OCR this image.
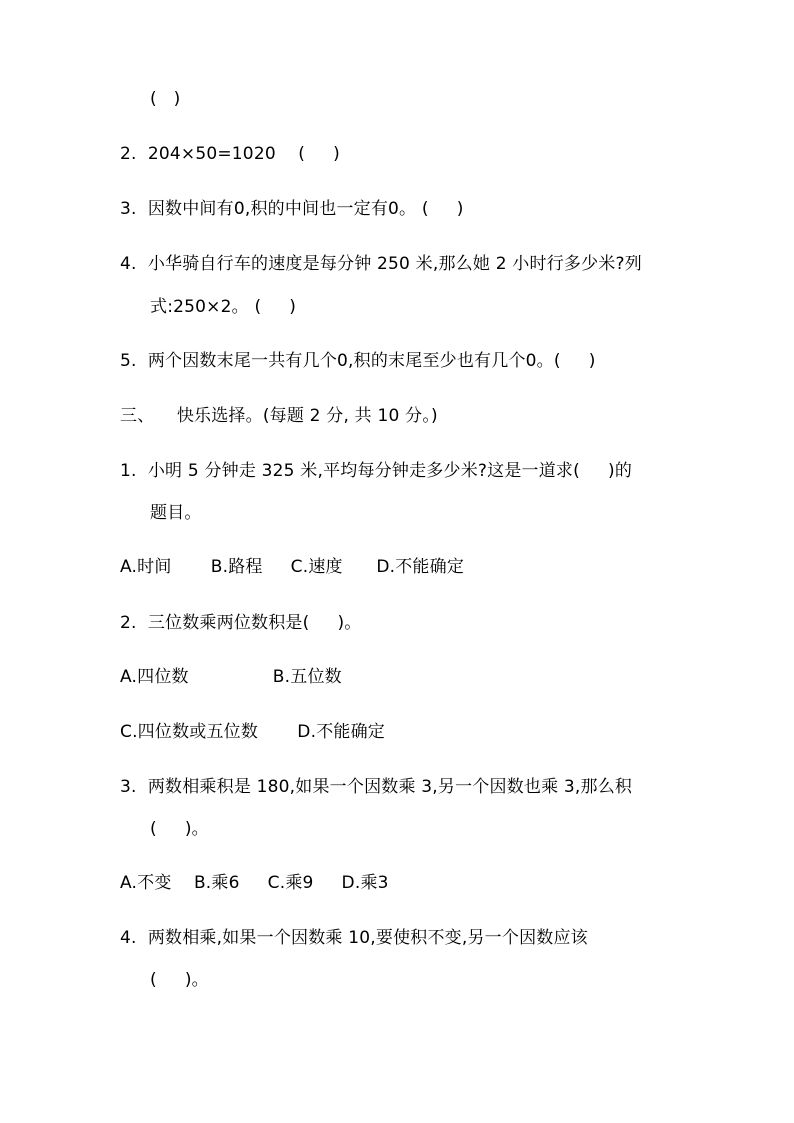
(   )
2.  204×50=1020    (     )
3.  因数中间有0,积的中间也一定有0。 (     )
4.  小华骑自行车的速度是每分钟 250 米,那么她 2 小时行多少米?列
式:250×2。 (     )
5.  两个因数末尾一共有几个0,积的末尾至少也有几个0。(     )
三、    快乐选择。(每题 2 分, 共 10 分。)
1.  小明 5 分钟走 325 米,平均每分钟走多少米?这是一道求(     )的
题目。
A.时间       B.路程     C.速度      D.不能确定
2.  三位数乘两位数积是(     )。
A.四位数               B.五位数
C.四位数或五位数       D.不能确定
3.  两数相乘积是 180,如果一个因数乘 3,另一个因数也乘 3,那么积
(     )。
A.不变    B.乘6     C.乘9     D.乘3
4.  两数相乘,如果一个因数乘 10,要使积不变,另一个因数应该
(     )。
